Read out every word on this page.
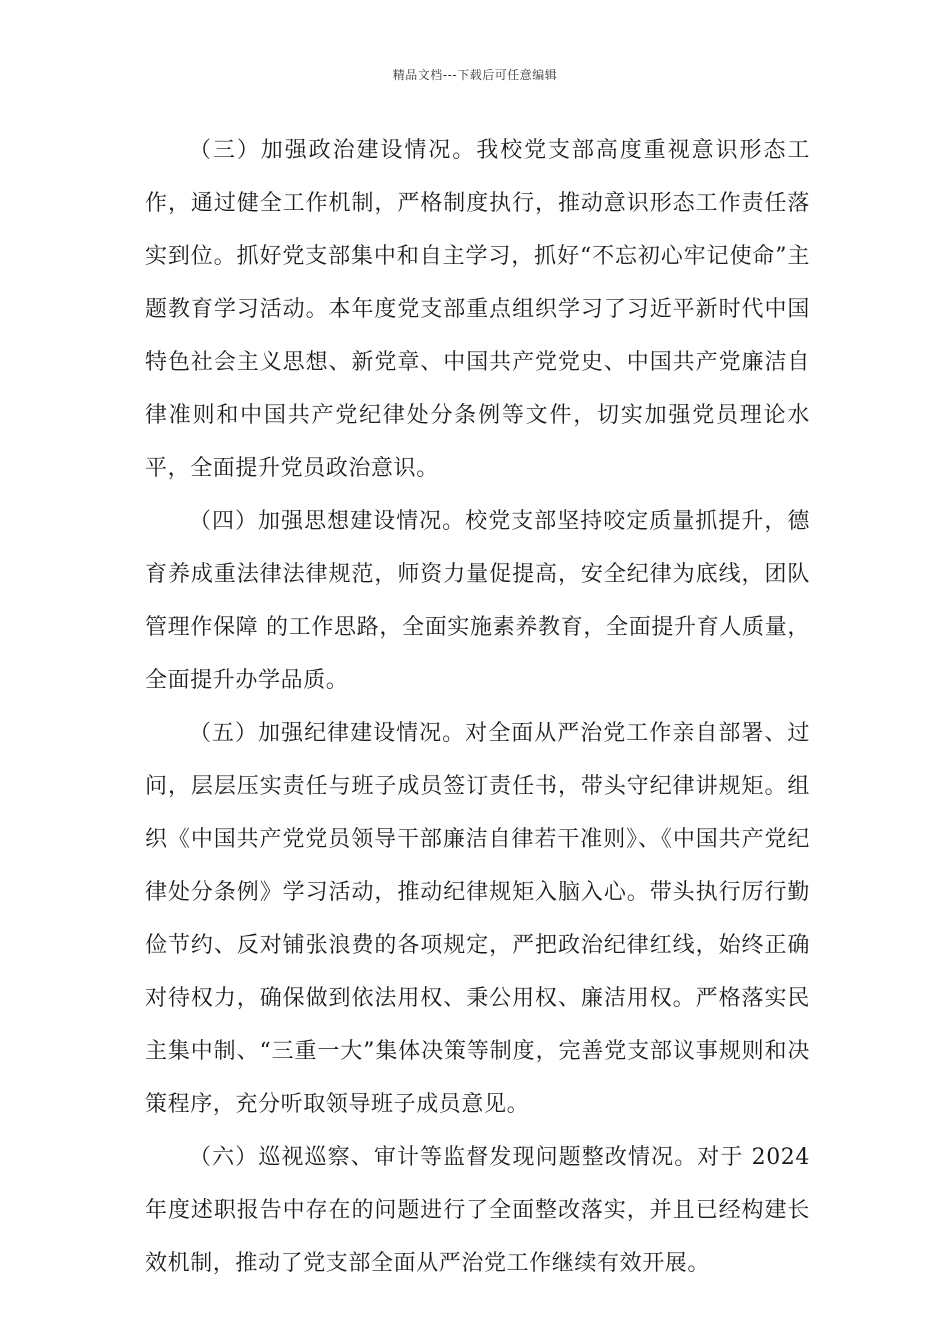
精品文档---下载后可任意编辑

（三）加强政治建设情况。我校党支部高度重视意识形态工作，通过健全工作机制，严格制度执行，推动意识形态工作责任落实到位。抓好党支部集中和自主学习，抓好“不忘初心牢记使命”主题教育学习活动。本年度党支部重点组织学习了习近平新时代中国特色社会主义思想、新党章、中国共产党党史、中国共产党廉洁自律准则和中国共产党纪律处分条例等文件，切实加强党员理论水平，全面提升党员政治意识。

（四）加强思想建设情况。校党支部坚持咬定质量抓提升，德育养成重法律法律规范，师资力量促提高，安全纪律为底线，团队管理作保障 的工作思路，全面实施素养教育，全面提升育人质量，全面提升办学品质。

（五）加强纪律建设情况。对全面从严治党工作亲自部署、过问，层层压实责任与班子成员签订责任书，带头守纪律讲规矩。组织《中国共产党党员领导干部廉洁自律若干准则》、《中国共产党纪律处分条例》学习活动，推动纪律规矩入脑入心。带头执行厉行勤俭节约、反对铺张浪费的各项规定，严把政治纪律红线，始终正确对待权力，确保做到依法用权、秉公用权、廉洁用权。严格落实民主集中制、“三重一大”集体决策等制度，完善党支部议事规则和决策程序，充分听取领导班子成员意见。

（六）巡视巡察、审计等监督发现问题整改情况。对于 2024 年度述职报告中存在的问题进行了全面整改落实，并且已经构建长效机制，推动了党支部全面从严治党工作继续有效开展。
